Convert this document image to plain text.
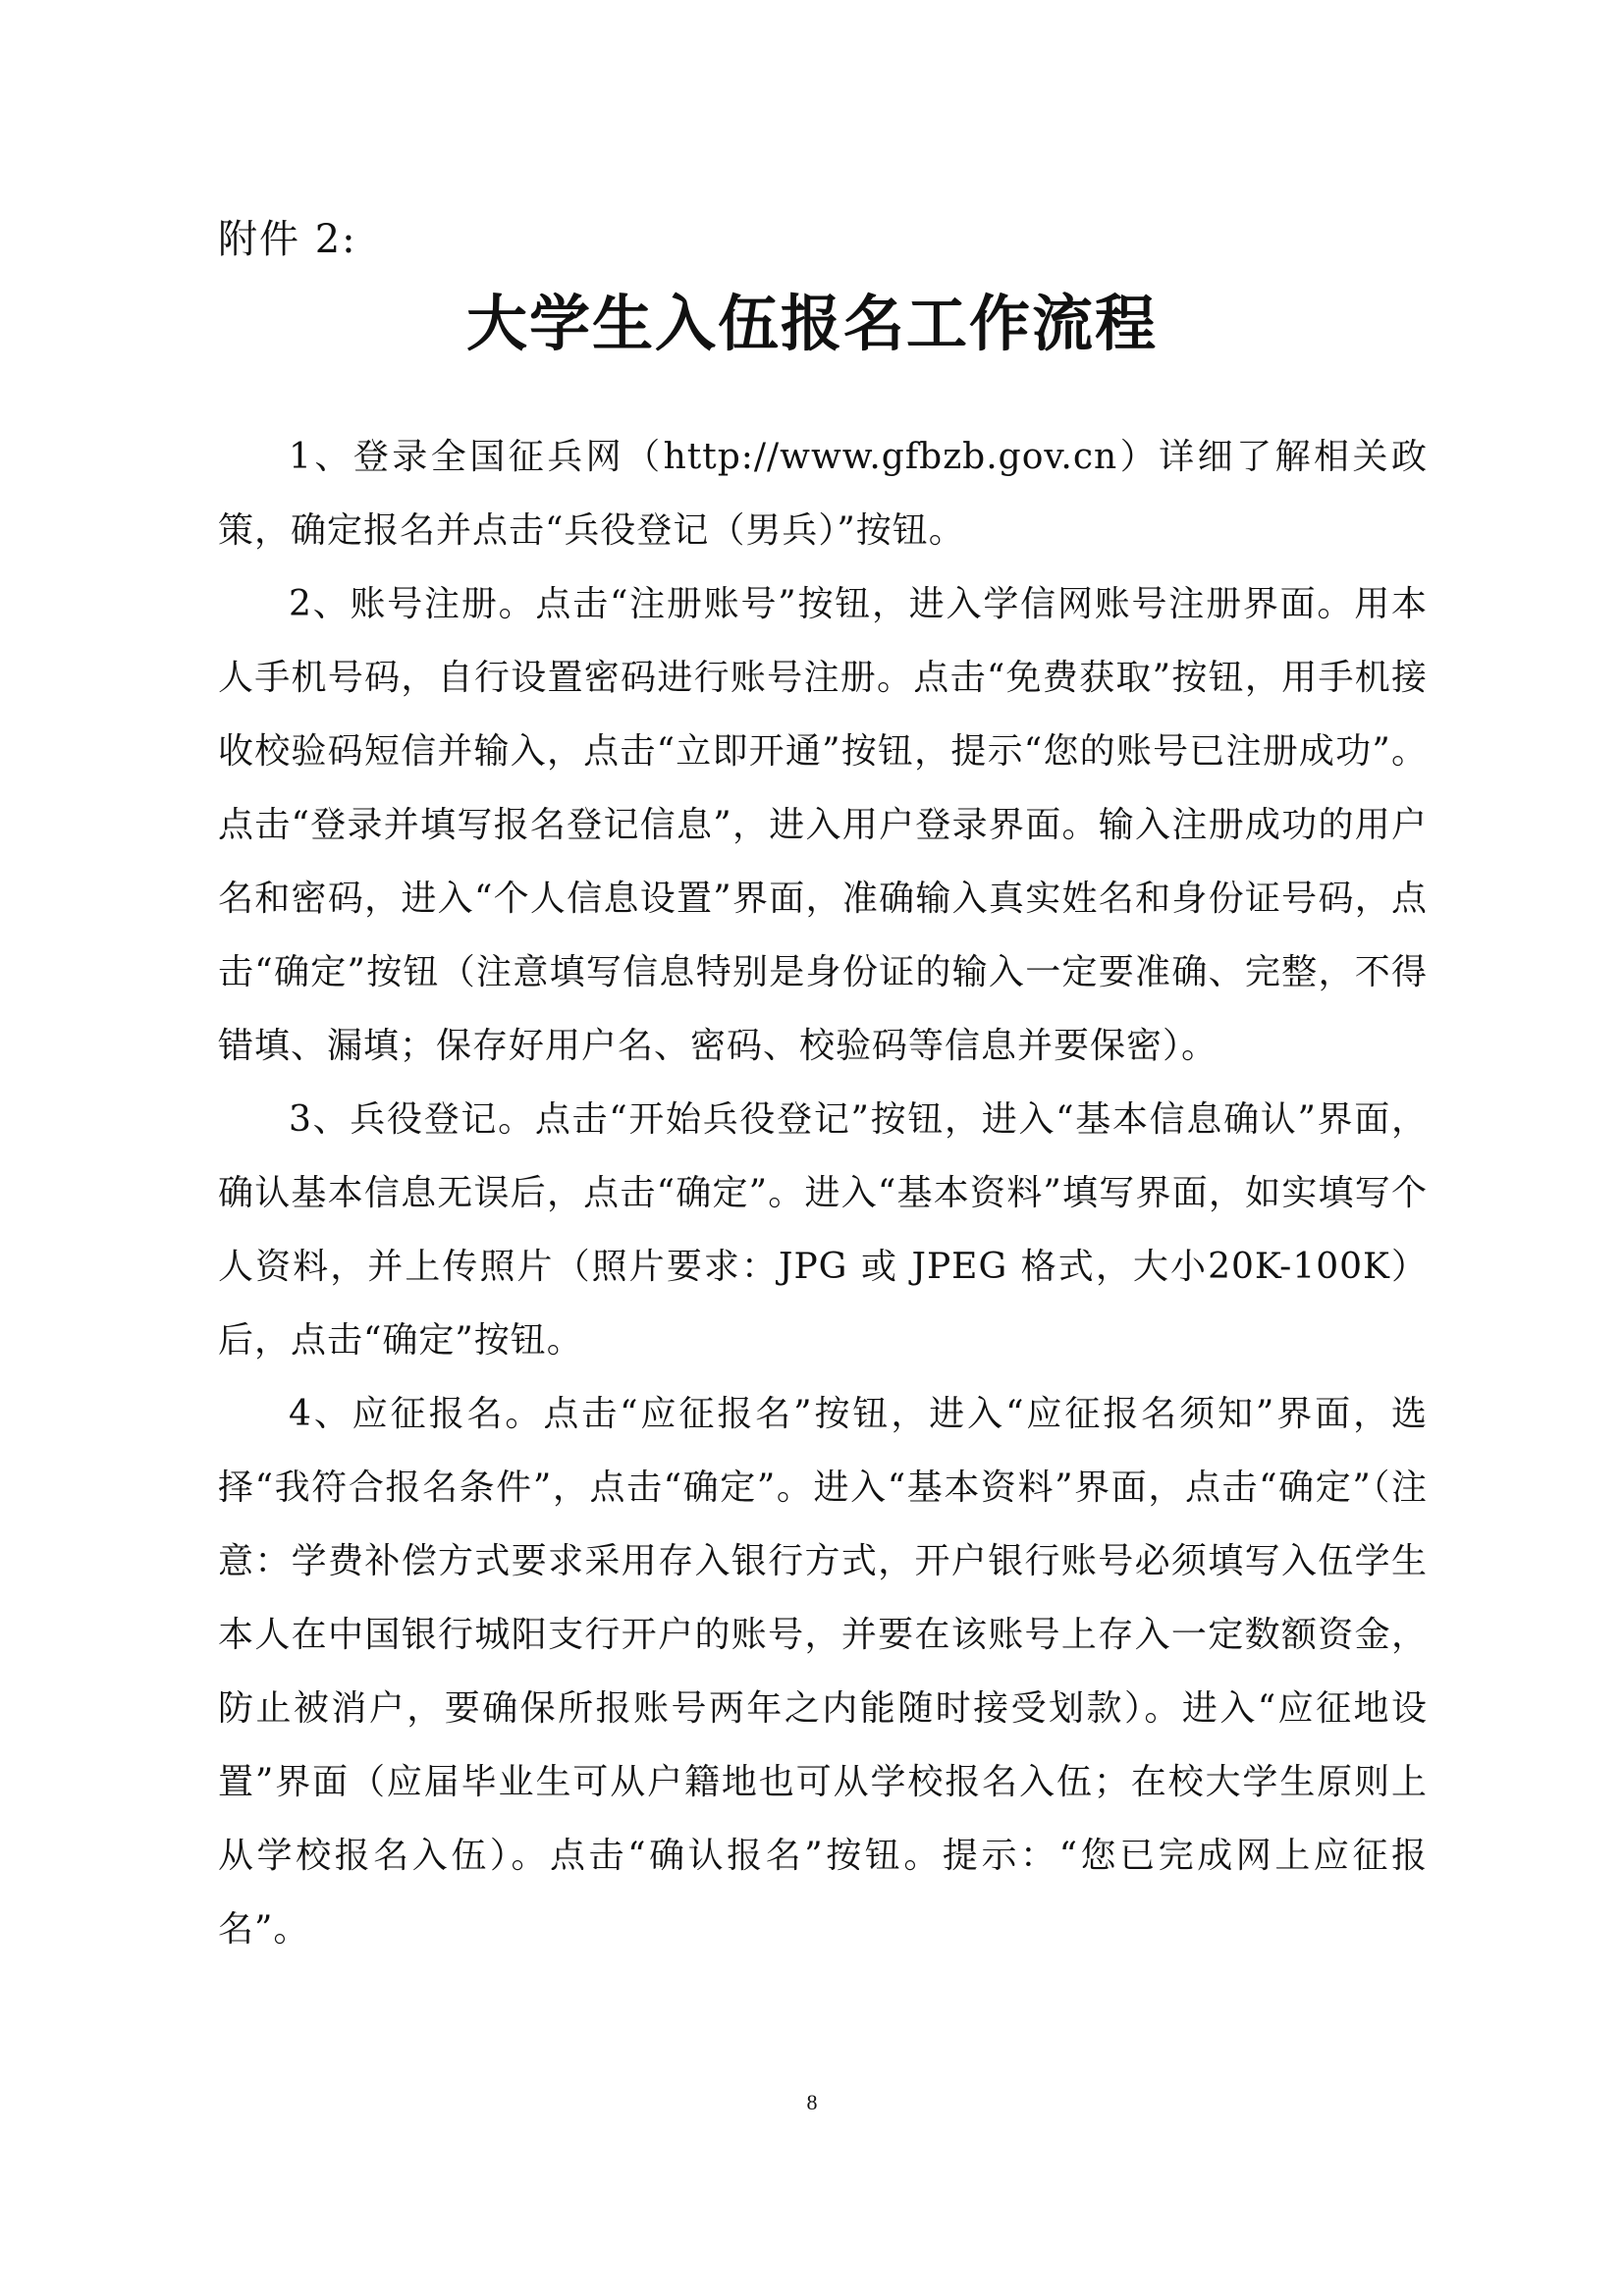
附件 2:
大学生入伍报名工作流程

1、登录全国征兵网（http://www.gfbzb.gov.cn）详细了解相关政策，确定报名并点击“兵役登记（男兵）”按钮。

2、账号注册。点击“注册账号”按钮，进入学信网账号注册界面。用本人手机号码，自行设置密码进行账号注册。点击“免费获取”按钮，用手机接收校验码短信并输入，点击“立即开通”按钮，提示“您的账号已注册成功”。点击“登录并填写报名登记信息”，进入用户登录界面。输入注册成功的用户名和密码，进入“个人信息设置”界面，准确输入真实姓名和身份证号码，点击“确定”按钮（注意填写信息特别是身份证的输入一定要准确、完整，不得错填、漏填；保存好用户名、密码、校验码等信息并要保密）。

3、兵役登记。点击“开始兵役登记”按钮，进入“基本信息确认”界面，确认基本信息无误后，点击“确定”。进入“基本资料”填写界面，如实填写个人资料，并上传照片（照片要求：JPG 或 JPEG 格式，大小20K-100K）后，点击“确定”按钮。

4、应征报名。点击“应征报名”按钮，进入“应征报名须知”界面，选择“我符合报名条件”，点击“确定”。进入“基本资料”界面，点击“确定”（注意：学费补偿方式要求采用存入银行方式，开户银行账号必须填写入伍学生本人在中国银行城阳支行开户的账号，并要在该账号上存入一定数额资金，防止被消户，要确保所报账号两年之内能随时接受划款）。进入“应征地设置”界面（应届毕业生可从户籍地也可从学校报名入伍；在校大学生原则上从学校报名入伍）。点击“确认报名”按钮。提示：“您已完成网上应征报名”。

8
